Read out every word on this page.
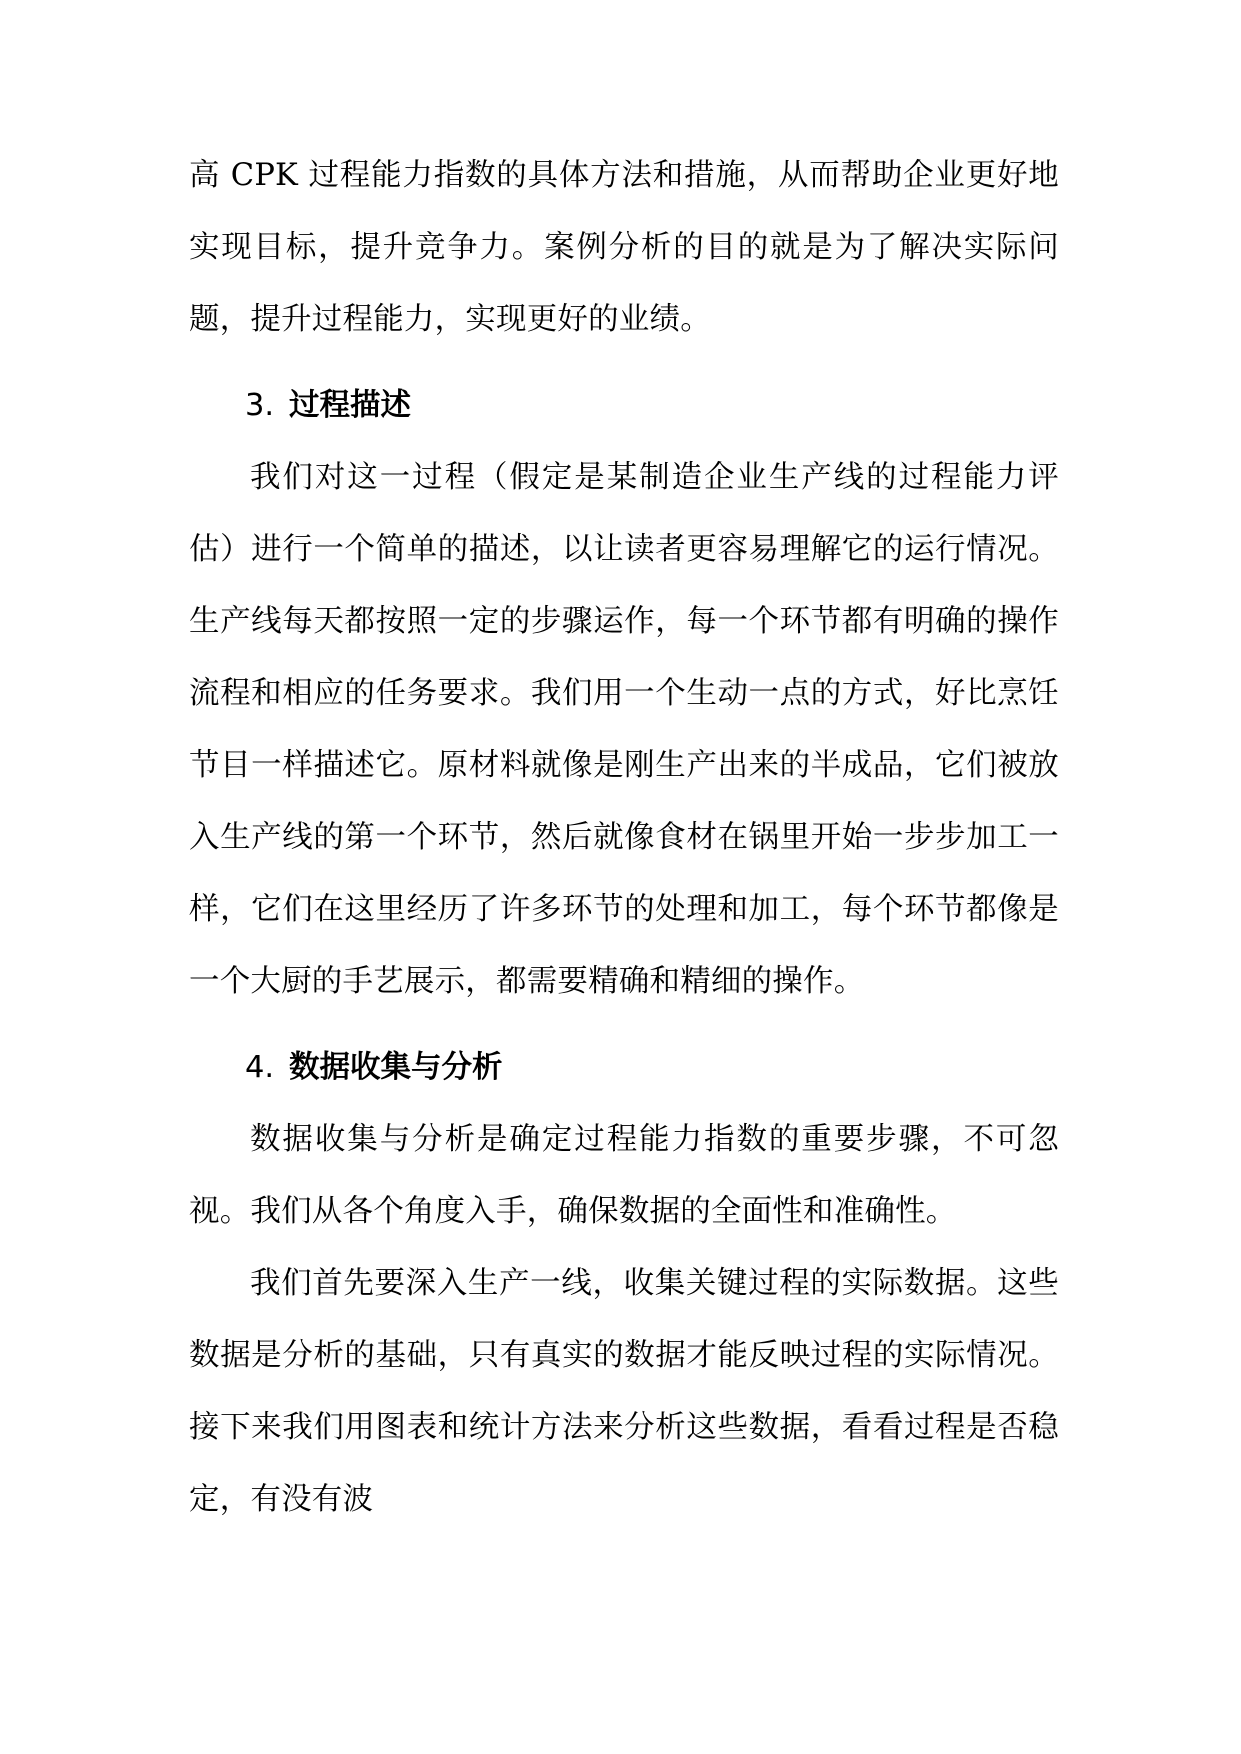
高 CPK 过程能力指数的具体方法和措施，从而帮助企业更好地实现目标，提升竞争力。案例分析的目的就是为了解决实际问题，提升过程能力，实现更好的业绩。

3. 过程描述

我们对这一过程（假定是某制造企业生产线的过程能力评估）进行一个简单的描述，以让读者更容易理解它的运行情况。生产线每天都按照一定的步骤运作，每一个环节都有明确的操作流程和相应的任务要求。我们用一个生动一点的方式，好比烹饪节目一样描述它。原材料就像是刚生产出来的半成品，它们被放入生产线的第一个环节，然后就像食材在锅里开始一步步加工一样，它们在这里经历了许多环节的处理和加工，每个环节都像是一个大厨的手艺展示，都需要精确和精细的操作。

4. 数据收集与分析

数据收集与分析是确定过程能力指数的重要步骤，不可忽视。我们从各个角度入手，确保数据的全面性和准确性。

我们首先要深入生产一线，收集关键过程的实际数据。这些数据是分析的基础，只有真实的数据才能反映过程的实际情况。接下来我们用图表和统计方法来分析这些数据，看看过程是否稳定，有没有波
